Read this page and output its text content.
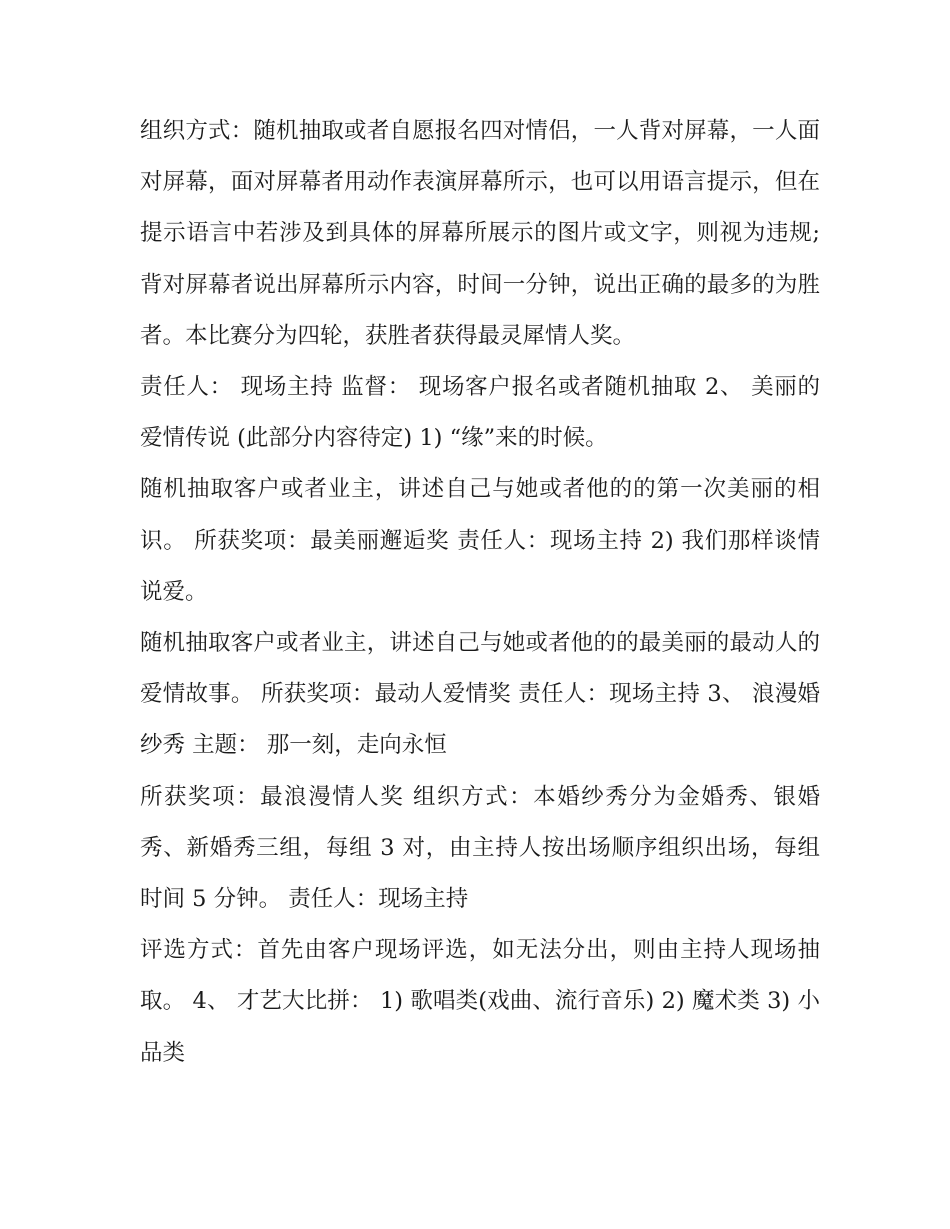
组织方式：随机抽取或者自愿报名四对情侣，一人背对屏幕，一人面对屏幕，面对屏幕者用动作表演屏幕所示，也可以用语言提示，但在提示语言中若涉及到具体的屏幕所展示的图片或文字，则视为违规;背对屏幕者说出屏幕所示内容，时间一分钟，说出正确的最多的为胜者。本比赛分为四轮，获胜者获得最灵犀情人奖。

责任人： 现场主持 监督： 现场客户报名或者随机抽取 2、 美丽的爱情传说 (此部分内容待定) 1) “缘”来的时候。

随机抽取客户或者业主，讲述自己与她或者他的的第一次美丽的相识。 所获奖项：最美丽邂逅奖 责任人：现场主持 2) 我们那样谈情说爱。

随机抽取客户或者业主，讲述自己与她或者他的的最美丽的最动人的爱情故事。 所获奖项：最动人爱情奖 责任人：现场主持 3、 浪漫婚纱秀 主题： 那一刻，走向永恒

所获奖项：最浪漫情人奖 组织方式：本婚纱秀分为金婚秀、银婚秀、新婚秀三组，每组 3 对，由主持人按出场顺序组织出场，每组时间 5 分钟。 责任人：现场主持

评选方式：首先由客户现场评选，如无法分出，则由主持人现场抽取。 4、 才艺大比拼： 1) 歌唱类(戏曲、流行音乐) 2) 魔术类 3) 小品类
